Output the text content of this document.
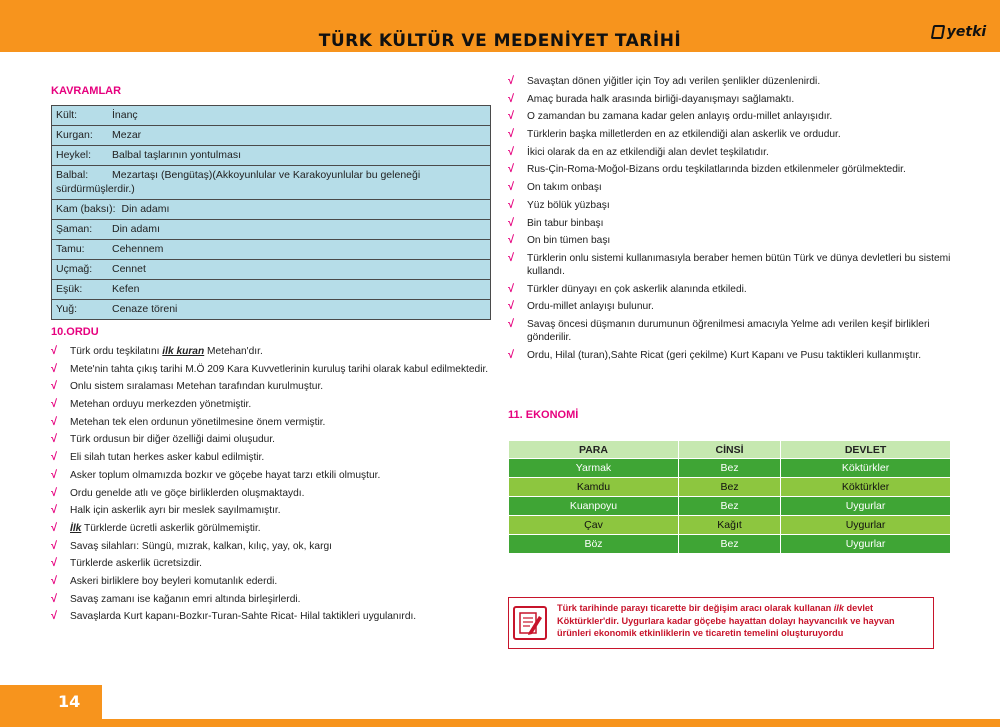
TÜRK KÜLTÜR VE MEDENİYET TARİHİ	yetki
KAVRAMLAR
Kült:	İnanç
Kurgan: Mezar
Heykel: Balbal taşlarının yontulması
Balbal: Mezartaşı (Bengütaş)(Akkoyunlular ve Karakoyunlular bu geleneği sürdürmüşlerdir.)
Kam (baksı): Din adamı
Şaman: Din adamı
Tamu:	Cehennem
Uçmağ: Cennet
Eşük:	Kefen
Yuğ:	Cenaze töreni
10.ORDU
√ Türk ordu teşkilatını ilk kuran Metehan'dır.
√ Mete'nin tahta çıkış tarihi M.Ö 209 Kara Kuvvetlerinin kuruluş tarihi olarak kabul edilmektedir.
√ Onlu sistem sıralaması Metehan tarafından kurulmuştur.
√ Metehan orduyu merkezden yönetmiştir.
√ Metehan tek elen ordunun yönetilmesine önem vermiştir.
√ Türk ordusun bir diğer özelliği daimi oluşudur.
√ Eli silah tutan herkes asker kabul edilmiştir.
√ Asker toplum olmamızda bozkır ve göçebe hayat tarzı etkili olmuştur.
√ Ordu genelde atlı ve göçe birliklerden oluşmaktaydı.
√ Halk için askerlik ayrı bir meslek sayılmamıştır.
√ İlk Türklerde ücretli askerlik görülmemiştir.
√ Savaş silahları: Süngü, mızrak, kalkan, kılıç, yay, ok, kargı
√ Türklerde askerlik ücretsizdir.
√ Askeri birliklere boy beyleri komutanlık ederdi.
√ Savaş zamanı ise kağanın emri altında birleşirlerdi.
√ Savaşlarda Kurt kapanı-Bozkır-Turan-Sahte Ricat- Hilal taktikleri uygulanırdı.
√ Savaştan dönen yiğitler için Toy adı verilen şenlikler düzenlenirdi.
√ Amaç burada halk arasında birliği-dayanışmayı sağlamaktı.
√ O zamandan bu zamana kadar gelen anlayış ordu-millet anlayışıdır.
√ Türklerin başka milletlerden en az etkilendiği alan askerlik ve ordudur.
√ İkici olarak da en az etkilendiği alan devlet teşkilatıdır.
√ Rus-Çin-Roma-Moğol-Bizans ordu teşkilatlarında bizden etkilenmeler görülmektedir.
√ On takım onbaşı
√ Yüz bölük yüzbaşı
√ Bin tabur binbaşı
√ On bin tümen başı
√ Türklerin onlu sistemi kullanımasıyla beraber hemen bütün Türk ve dünya devletleri bu sistemi kullandı.
√ Türkler dünyayı en çok askerlik alanında etkiledi.
√ Ordu-millet anlayışı bulunur.
√ Savaş öncesi düşmanın durumunun öğrenilmesi amacıyla Yelme adı verilen keşif birlikleri gönderilir.
√ Ordu, Hilal (turan),Sahte Ricat (geri çekilme) Kurt Kapanı ve Pusu taktikleri kullanmıştır.
11. EKONOMİ
PARA	CİNSİ	DEVLET
Yarmak	Bez	Köktürkler
Kamdu	Bez	Köktürkler
Kuanpoyu	Bez	Uygurlar
Çav	Kağıt	Uygurlar
Böz	Bez	Uygurlar
Türk tarihinde parayı ticarette bir değişim aracı olarak kullanan ilk devlet Köktürkler'dir. Uygurlara kadar göçebe hayattan dolayı hayvancılık ve hayvan ürünleri ekonomik etkinliklerin ve ticaretin temelini oluşturuyordu
14
